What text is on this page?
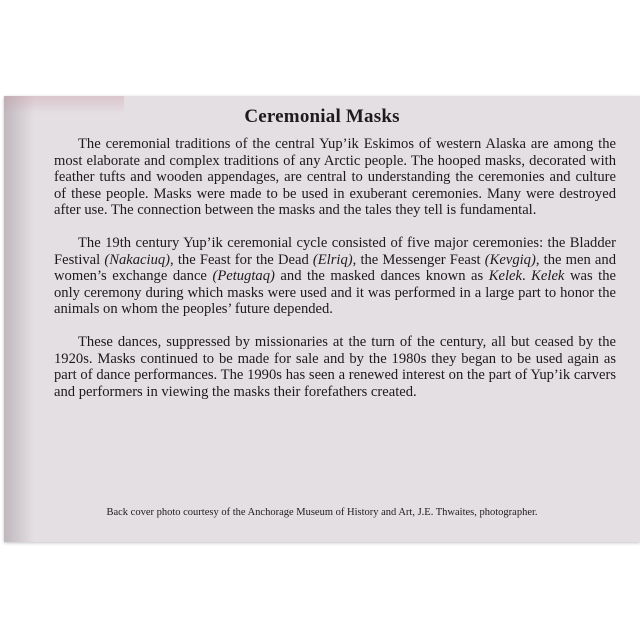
Ceremonial Masks

The ceremonial traditions of the central Yup’ik Eskimos of western Alaska are among the most elaborate and complex traditions of any Arctic people. The hooped masks, decorated with feather tufts and wooden appendages, are central to understanding the ceremonies and culture of these people. Masks were made to be used in exuberant ceremonies. Many were destroyed after use. The connection between the masks and the tales they tell is fundamental.

The 19th century Yup’ik ceremonial cycle consisted of five major ceremonies: the Bladder Festival (Nakaciuq), the Feast for the Dead (Elriq), the Messenger Feast (Kevgiq), the men and women’s exchange dance (Petugtaq) and the masked dances known as Kelek. Kelek was the only ceremony during which masks were used and it was performed in a large part to honor the animals on whom the peoples’ future depended.

These dances, suppressed by missionaries at the turn of the century, all but ceased by the 1920s. Masks continued to be made for sale and by the 1980s they began to be used again as part of dance performances. The 1990s has seen a renewed interest on the part of Yup’ik carvers and performers in viewing the masks their forefathers created.

Back cover photo courtesy of the Anchorage Museum of History and Art, J.E. Thwaites, photographer.
